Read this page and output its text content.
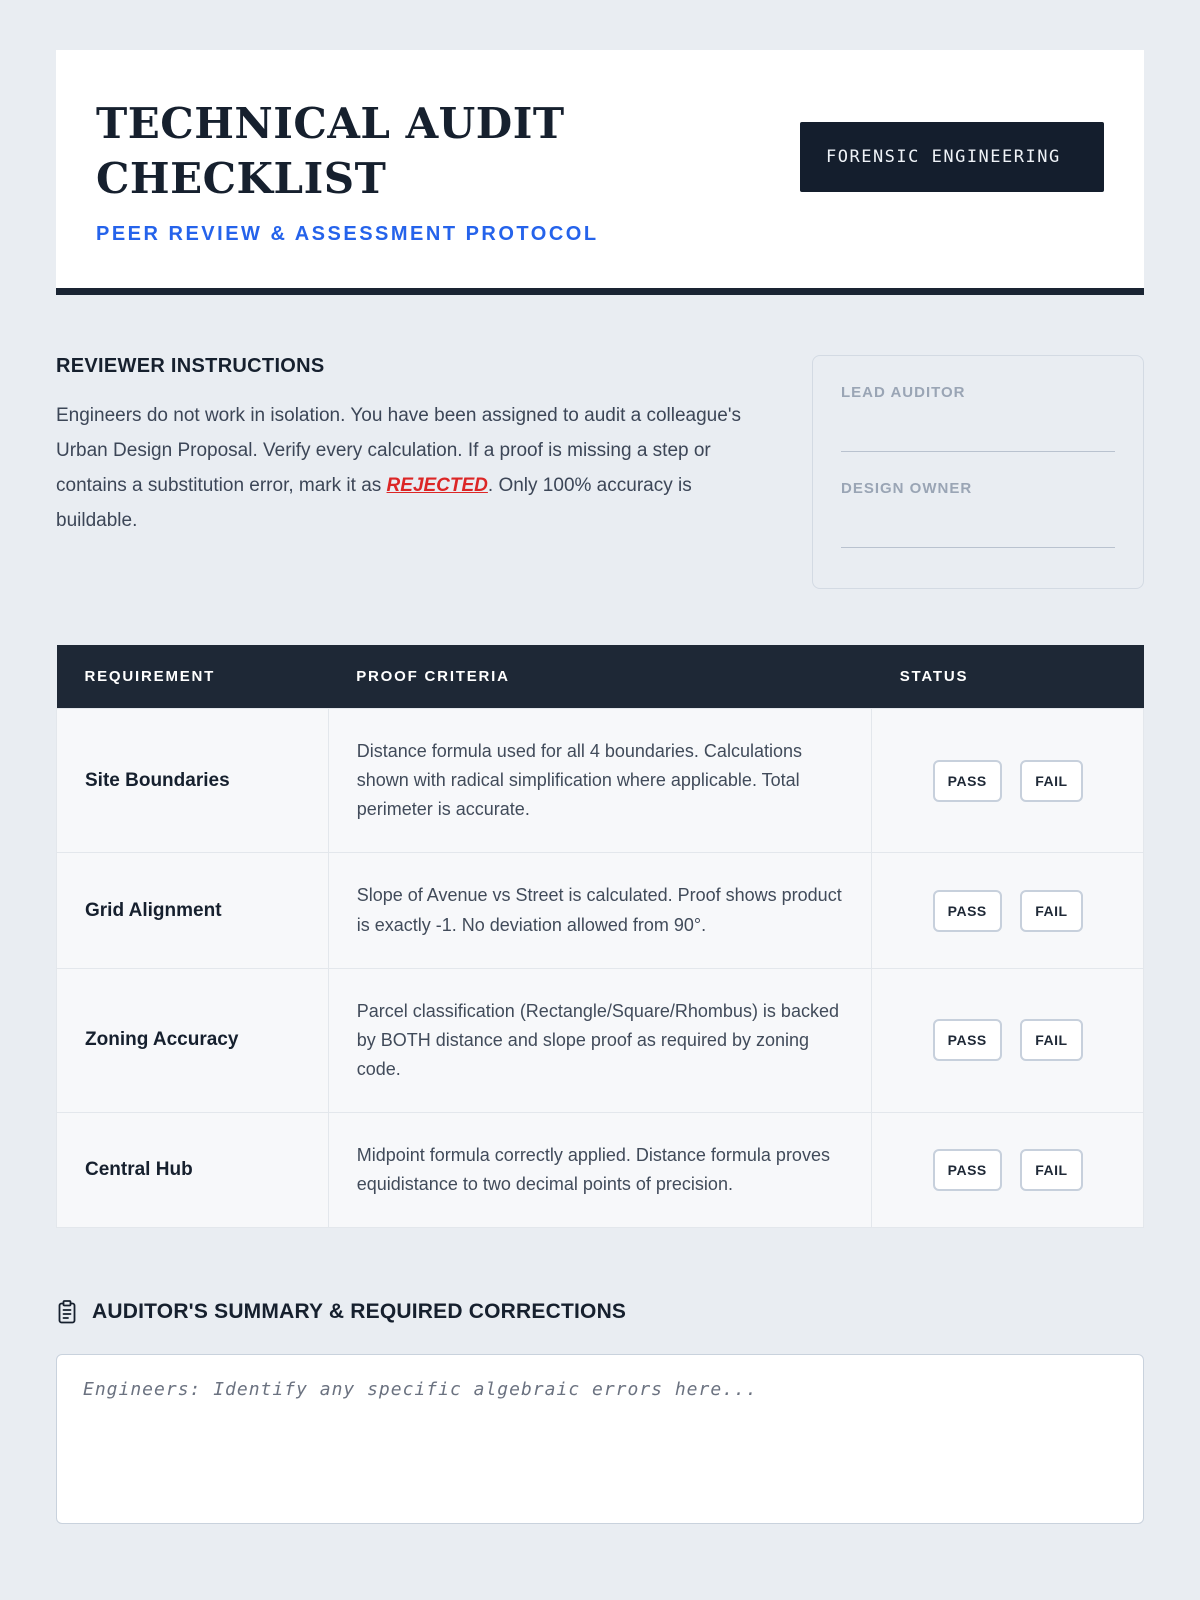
TECHNICAL AUDIT CHECKLIST
PEER REVIEW & ASSESSMENT PROTOCOL
FORENSIC ENGINEERING
REVIEWER INSTRUCTIONS

Engineers do not work in isolation. You have been assigned to audit a colleague's Urban Design Proposal. Verify every calculation. If a proof is missing a step or contains a substitution error, mark it as REJECTED. Only 100% accuracy is buildable.

LEAD AUDITOR
DESIGN OWNER
REQUIREMENT	PROOF CRITERIA	STATUS
Site Boundaries	Distance formula used for all 4 boundaries. Calculations shown with radical simplification where applicable. Total perimeter is accurate.	PASS FAIL
Grid Alignment	Slope of Avenue vs Street is calculated. Proof shows product is exactly -1. No deviation allowed from 90°.	PASS FAIL
Zoning Accuracy	Parcel classification (Rectangle/Square/Rhombus) is backed by BOTH distance and slope proof as required by zoning code.	PASS FAIL
Central Hub	Midpoint formula correctly applied. Distance formula proves equidistance to two decimal points of precision.	PASS FAIL
AUDITOR'S SUMMARY & REQUIRED CORRECTIONS
Engineers: Identify any specific algebraic errors here...
